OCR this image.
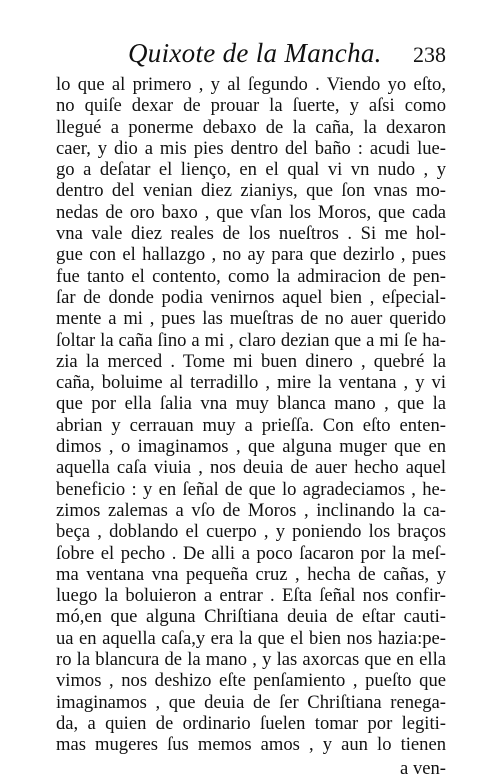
Quixote de la Mancha. 238
lo que al primero , y al ſegundo . Viendo yo eſto,
no quiſe dexar de prouar la ſuerte, y aſsi como
llegué a ponerme debaxo de la caña, la dexaron
caer, y dio a mis pies dentro del baño : acudi lue-
go a deſatar el lienço, en el qual vi vn nudo , y
dentro del venian diez zianiys, que ſon vnas mo-
nedas de oro baxo , que vſan los Moros, que cada
vna vale diez reales de los nueſtros . Si me hol-
gue con el hallazgo , no ay para que dezirlo , pues
fue tanto el contento, como la admiracion de pen-
ſar de donde podia venirnos aquel bien , eſpecial-
mente a mi , pues las mueſtras de no auer querido
ſoltar la caña ſino a mi , claro dezian que a mi ſe ha-
zia la merced . Tome mi buen dinero , quebré la
caña, boluime al terradillo , mire la ventana , y vi
que por ella ſalia vna muy blanca mano , que la
abrian y cerrauan muy a prieſſa. Con eſto enten-
dimos , o imaginamos , que alguna muger que en
aquella caſa viuia , nos deuia de auer hecho aquel
beneficio : y en ſeñal de que lo agradeciamos , he-
zimos zalemas a vſo de Moros , inclinando la ca-
beça , doblando el cuerpo , y poniendo los braços
ſobre el pecho . De alli a poco ſacaron por la meſ-
ma ventana vna pequeña cruz , hecha de cañas, y
luego la boluieron a entrar . Eſta ſeñal nos confir-
mó,en que alguna Chriſtiana deuia de eſtar cauti-
ua en aquella caſa,y era la que el bien nos hazia:pe-
ro la blancura de la mano , y las axorcas que en ella
vimos , nos deshizo eſte penſamiento , pueſto que
imaginamos , que deuia de ſer Chriſtiana renega-
da, a quien de ordinario ſuelen tomar por legiti-
mas mugeres ſus memos amos , y aun lo tienen
a ven-
